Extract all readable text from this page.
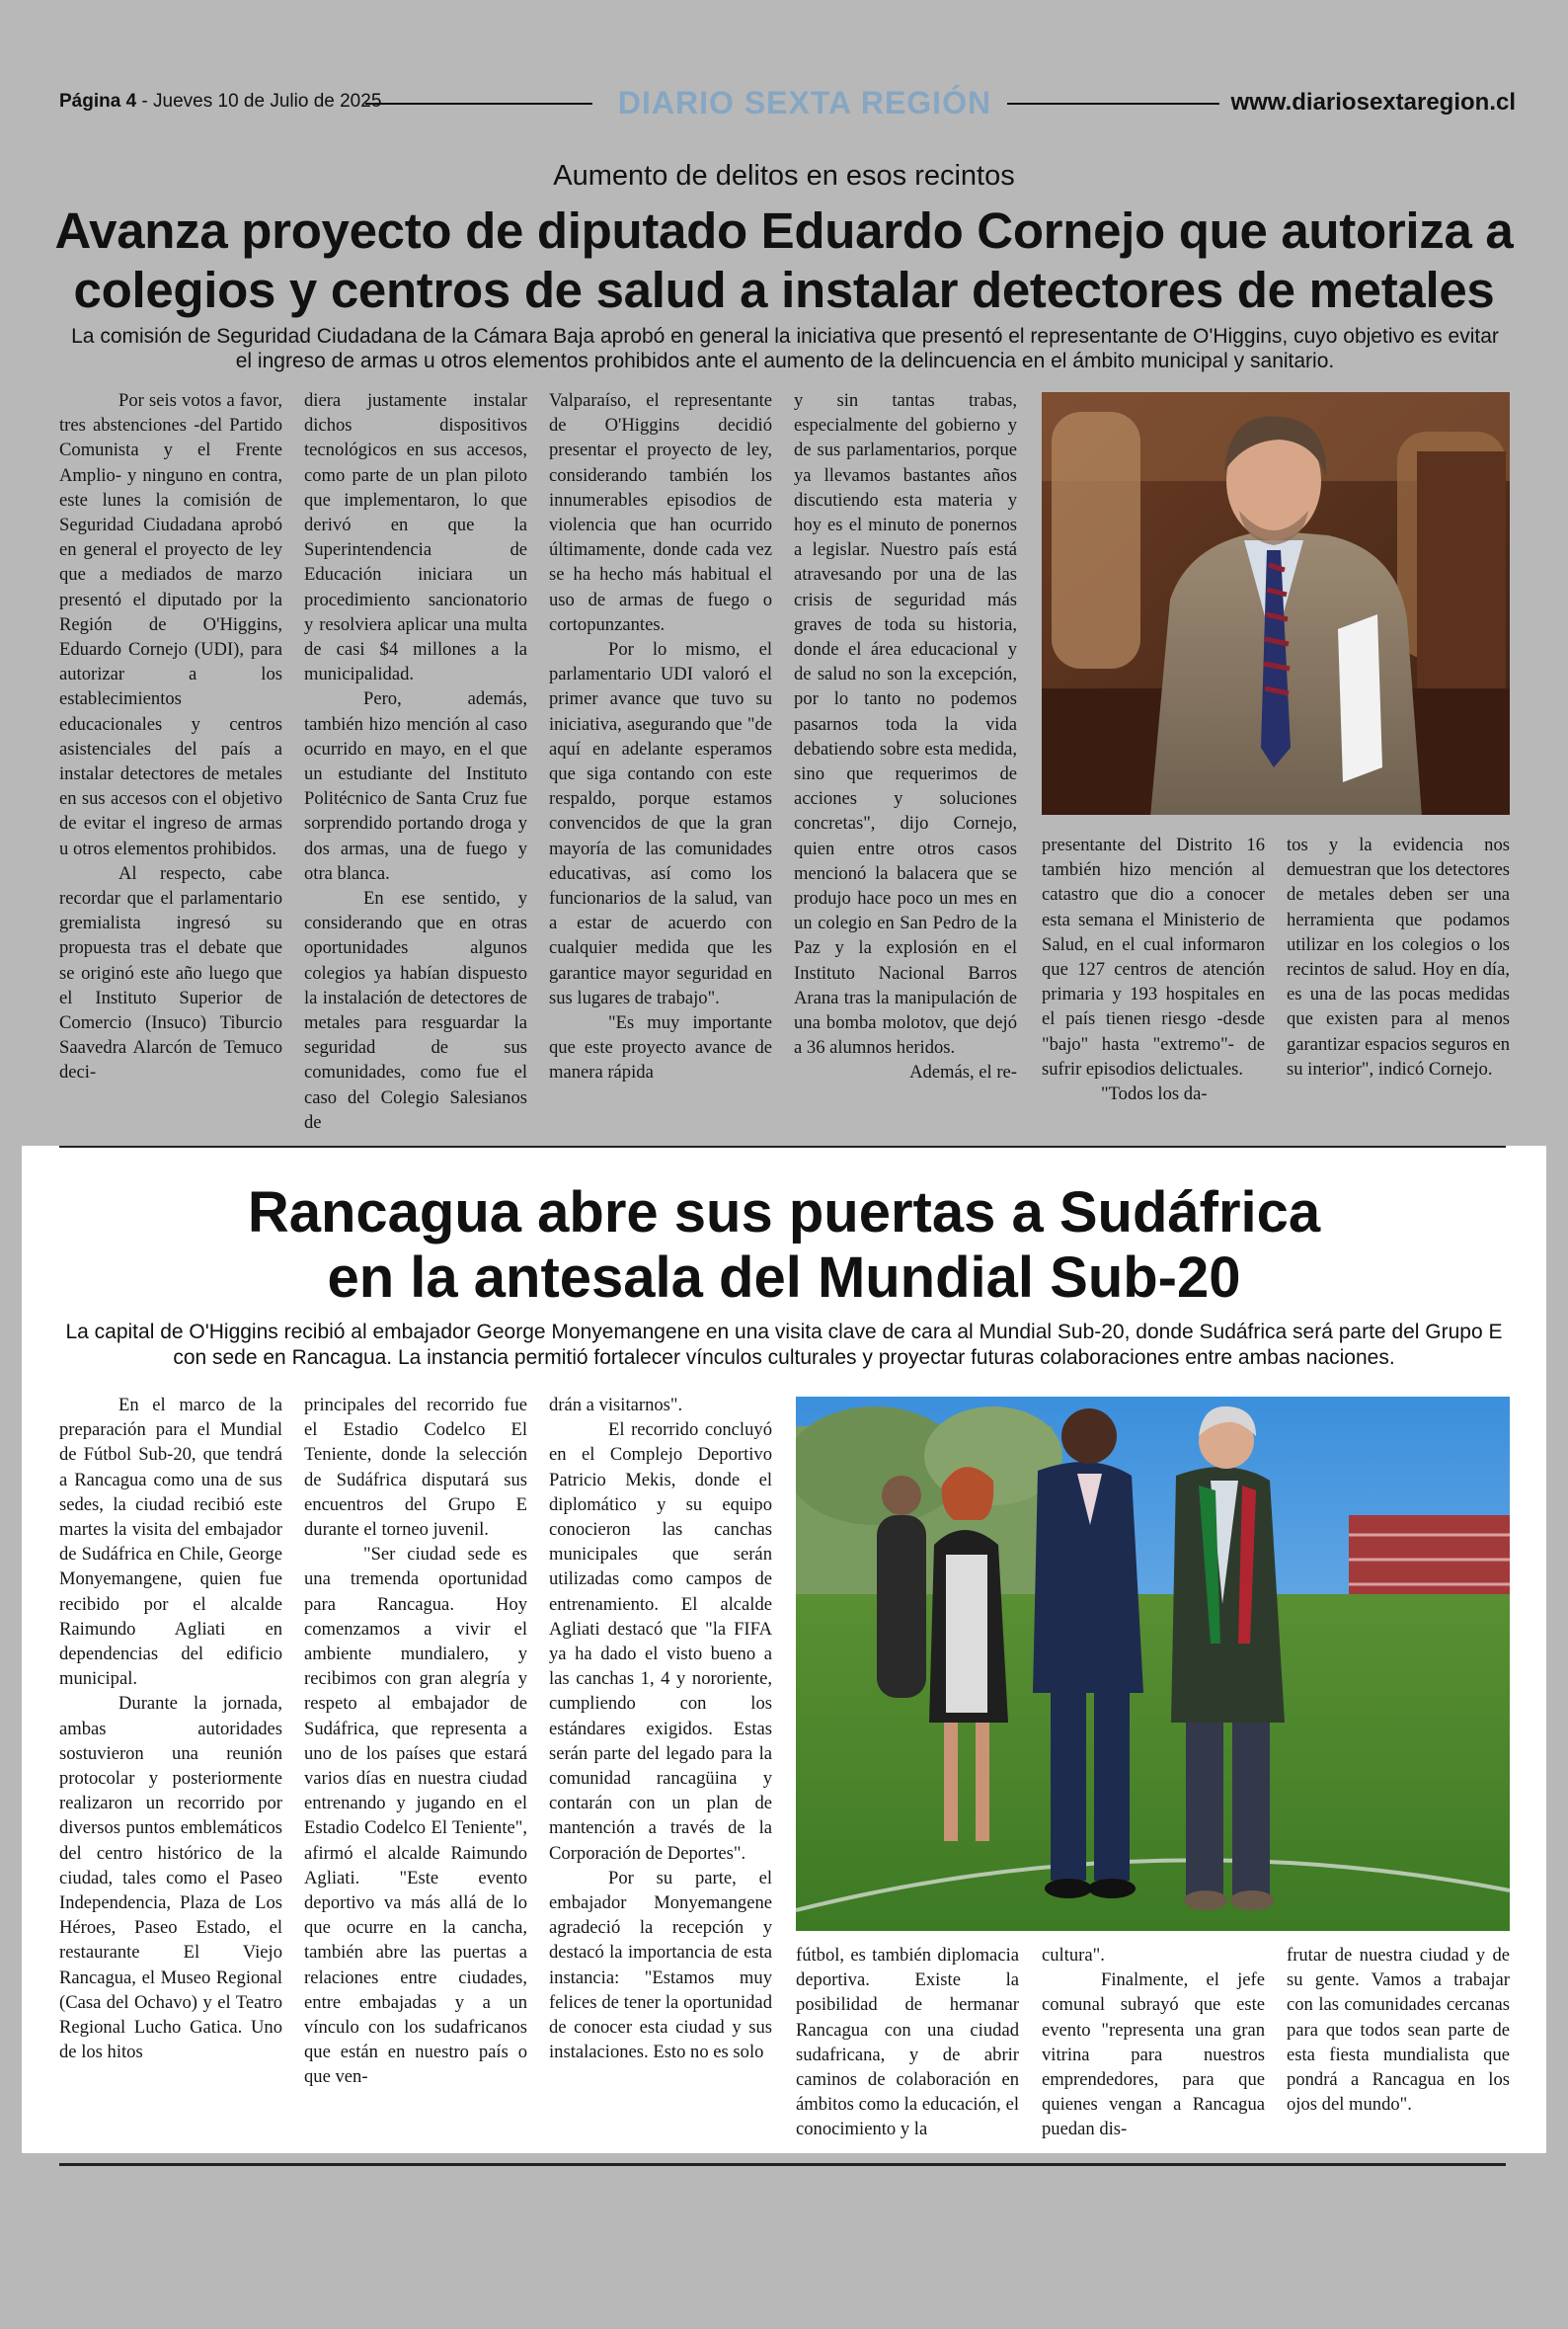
Página 4 - Jueves 10 de Julio de 2025	DIARIO SEXTA REGIÓN	www.diariosextaregion.cl
Aumento de delitos en esos recintos
Avanza proyecto de diputado Eduardo Cornejo que autoriza a
colegios y centros de salud a instalar detectores de metales
La comisión de Seguridad Ciudadana de la Cámara Baja aprobó en general la iniciativa que presentó el representante de O'Higgins, cuyo objetivo es evitar
el ingreso de armas u otros elementos prohibidos ante el aumento de la delincuencia en el ámbito municipal y sanitario.

Por seis votos a favor, tres abstenciones -del Partido Comunista y el Frente Amplio- y ninguno en contra, este lunes la comisión de Seguridad Ciudadana aprobó en general el proyecto de ley que a mediados de marzo presentó el diputado por la Región de O'Higgins, Eduardo Cornejo (UDI), para autorizar a los establecimientos educacionales y centros asistenciales del país a instalar detectores de metales en sus accesos con el objetivo de evitar el ingreso de armas u otros elementos prohibidos.

Al respecto, cabe recordar que el parlamentario gremialista ingresó su propuesta tras el debate que se originó este año luego que el Instituto Superior de Comercio (Insuco) Tiburcio Saavedra Alarcón de Temuco deci-

diera justamente instalar dichos dispositivos tecnológicos en sus accesos, como parte de un plan piloto que implementaron, lo que derivó en que la Superintendencia de Educación iniciara un procedimiento sancionatorio y resolviera aplicar una multa de casi $4 millones a la municipalidad.

Pero, además, también hizo mención al caso ocurrido en mayo, en el que un estudiante del Instituto Politécnico de Santa Cruz fue sorprendido portando droga y dos armas, una de fuego y otra blanca.

En ese sentido, y considerando que en otras oportunidades algunos colegios ya habían dispuesto la instalación de detectores de metales para resguardar la seguridad de sus comunidades, como fue el caso del Colegio Salesianos de

Valparaíso, el representante de O'Higgins decidió presentar el proyecto de ley, considerando también los innumerables episodios de violencia que han ocurrido últimamente, donde cada vez se ha hecho más habitual el uso de armas de fuego o cortopunzantes.

Por lo mismo, el parlamentario UDI valoró el primer avance que tuvo su iniciativa, asegurando que "de aquí en adelante esperamos que siga contando con este respaldo, porque estamos convencidos de que la gran mayoría de las comunidades educativas, así como los funcionarios de la salud, van a estar de acuerdo con cualquier medida que les garantice mayor seguridad en sus lugares de trabajo".

"Es muy importante que este proyecto avance de manera rápida

y sin tantas trabas, especialmente del gobierno y de sus parlamentarios, porque ya llevamos bastantes años discutiendo esta materia y hoy es el minuto de ponernos a legislar. Nuestro país está atravesando por una de las crisis de seguridad más graves de toda su historia, donde el área educacional y de salud no son la excepción, por lo tanto no podemos pasarnos toda la vida debatiendo sobre esta medida, sino que requerimos de acciones y soluciones concretas", dijo Cornejo, quien entre otros casos mencionó la balacera que se produjo hace poco un mes en un colegio en San Pedro de la Paz y la explosión en el Instituto Nacional Barros Arana tras la manipulación de una bomba molotov, que dejó a 36 alumnos heridos.

Además, el re-

presentante del Distrito 16 también hizo mención al catastro que dio a conocer esta semana el Ministerio de Salud, en el cual informaron que 127 centros de atención primaria y 193 hospitales en el país tienen riesgo -desde "bajo" hasta "extremo"- de sufrir episodios delictuales.

"Todos los da-

tos y la evidencia nos demuestran que los detectores de metales deben ser una herramienta que podamos utilizar en los colegios o los recintos de salud. Hoy en día, es una de las pocas medidas que existen para al menos garantizar espacios seguros en su interior", indicó Cornejo.

Rancagua abre sus puertas a Sudáfrica
en la antesala del Mundial Sub-20
La capital de O'Higgins recibió al embajador George Monyemangene en una visita clave de cara al Mundial Sub-20, donde Sudáfrica será parte del Grupo E
con sede en Rancagua. La instancia permitió fortalecer vínculos culturales y proyectar futuras colaboraciones entre ambas naciones.

En el marco de la preparación para el Mundial de Fútbol Sub-20, que tendrá a Rancagua como una de sus sedes, la ciudad recibió este martes la visita del embajador de Sudáfrica en Chile, George Monyemangene, quien fue recibido por el alcalde Raimundo Agliati en dependencias del edificio municipal.

Durante la jornada, ambas autoridades sostuvieron una reunión protocolar y posteriormente realizaron un recorrido por diversos puntos emblemáticos del centro histórico de la ciudad, tales como el Paseo Independencia, Plaza de Los Héroes, Paseo Estado, el restaurante El Viejo Rancagua, el Museo Regional (Casa del Ochavo) y el Teatro Regional Lucho Gatica. Uno de los hitos

principales del recorrido fue el Estadio Codelco El Teniente, donde la selección de Sudáfrica disputará sus encuentros del Grupo E durante el torneo juvenil.

"Ser ciudad sede es una tremenda oportunidad para Rancagua. Hoy comenzamos a vivir el ambiente mundialero, y recibimos con gran alegría y respeto al embajador de Sudáfrica, que representa a uno de los países que estará varios días en nuestra ciudad entrenando y jugando en el Estadio Codelco El Teniente", afirmó el alcalde Raimundo Agliati. "Este evento deportivo va más allá de lo que ocurre en la cancha, también abre las puertas a relaciones entre ciudades, entre embajadas y a un vínculo con los sudafricanos que están en nuestro país o que ven-

drán a visitarnos".

El recorrido concluyó en el Complejo Deportivo Patricio Mekis, donde el diplomático y su equipo conocieron las canchas municipales que serán utilizadas como campos de entrenamiento. El alcalde Agliati destacó que "la FIFA ya ha dado el visto bueno a las canchas 1, 4 y nororiente, cumpliendo con los estándares exigidos. Estas serán parte del legado para la comunidad rancagüina y contarán con un plan de mantención a través de la Corporación de Deportes".

Por su parte, el embajador Monyemangene agradeció la recepción y destacó la importancia de esta instancia: "Estamos muy felices de tener la oportunidad de conocer esta ciudad y sus instalaciones. Esto no es solo

fútbol, es también diplomacia deportiva. Existe la posibilidad de hermanar Rancagua con una ciudad sudafricana, y de abrir caminos de colaboración en ámbitos como la educación, el conocimiento y la

cultura".

Finalmente, el jefe comunal subrayó que este evento "representa una gran vitrina para nuestros emprendedores, para que quienes vengan a Rancagua puedan dis-

frutar de nuestra ciudad y de su gente. Vamos a trabajar con las comunidades cercanas para que todos sean parte de esta fiesta mundialista que pondrá a Rancagua en los ojos del mundo".
